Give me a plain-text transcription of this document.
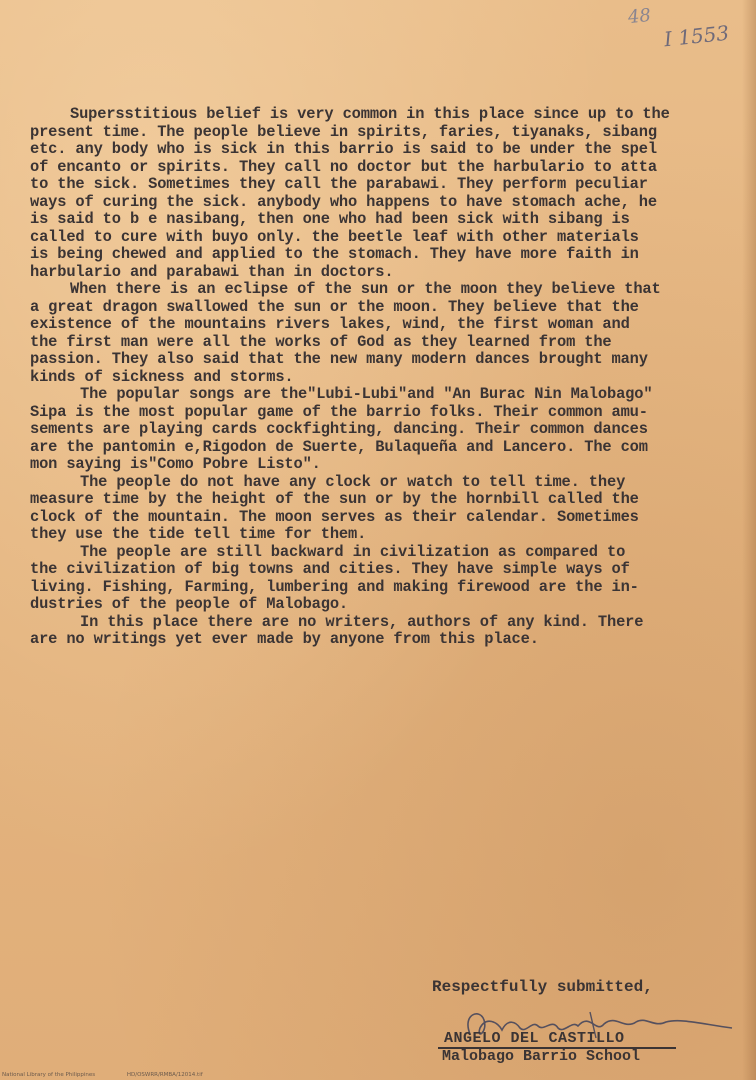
48
I 1553

Supersstitious belief is very common in this place since up to the

present time. The people believe in spirits, faries, tiyanaks, sibang

etc. any body who is sick in this barrio is said to be under the spel

of encanto or spirits. They call no doctor but the harbulario to atta

to the sick. Sometimes they call the parabawi. They perform peculiar

ways of curing the sick. anybody who happens to have stomach ache, he

is said to b e nasibang, then one who had been sick with sibang is

called to cure with buyo only. the beetle leaf with other materials

is being chewed and applied to the stomach. They have more faith in

harbulario and parabawi than in doctors.

When there is an eclipse of the sun or the moon they believe that

a great dragon swallowed the sun or the moon. They believe that the

existence of the mountains rivers lakes, wind, the first woman and

the first man were all the works of God as they learned from the

passion. They also said that the new many modern dances brought many

kinds of sickness and storms.

The popular songs are the"Lubi-Lubi"and "An Burac Nin Malobago"

Sipa is the most popular game of the barrio folks. Their common amu-

sements are playing cards cockfighting, dancing. Their common dances

are the pantomin e,Rigodon de Suerte, Bulaqueña and Lancero. The com

mon saying is"Como Pobre Listo".

The people do not have any clock or watch to tell time. they

measure time by the height of the sun or by the hornbill called the

clock of the mountain. The moon serves as their calendar. Sometimes

they use the tide tell time for them.

The people are still backward in civilization as compared to

the civilization of big towns and cities. They have simple ways of

living. Fishing, Farming, lumbering and making firewood are the in-

dustries of the people of Malobago.

In this place there are no writers, authors of any kind. There

are no writings yet ever made by anyone from this place.

Respectfully submitted,
ANGELO DEL CASTILLO
Malobago Barrio School
National Library of the Philippines	HD/OSWRR/RMBA/12014.tif
